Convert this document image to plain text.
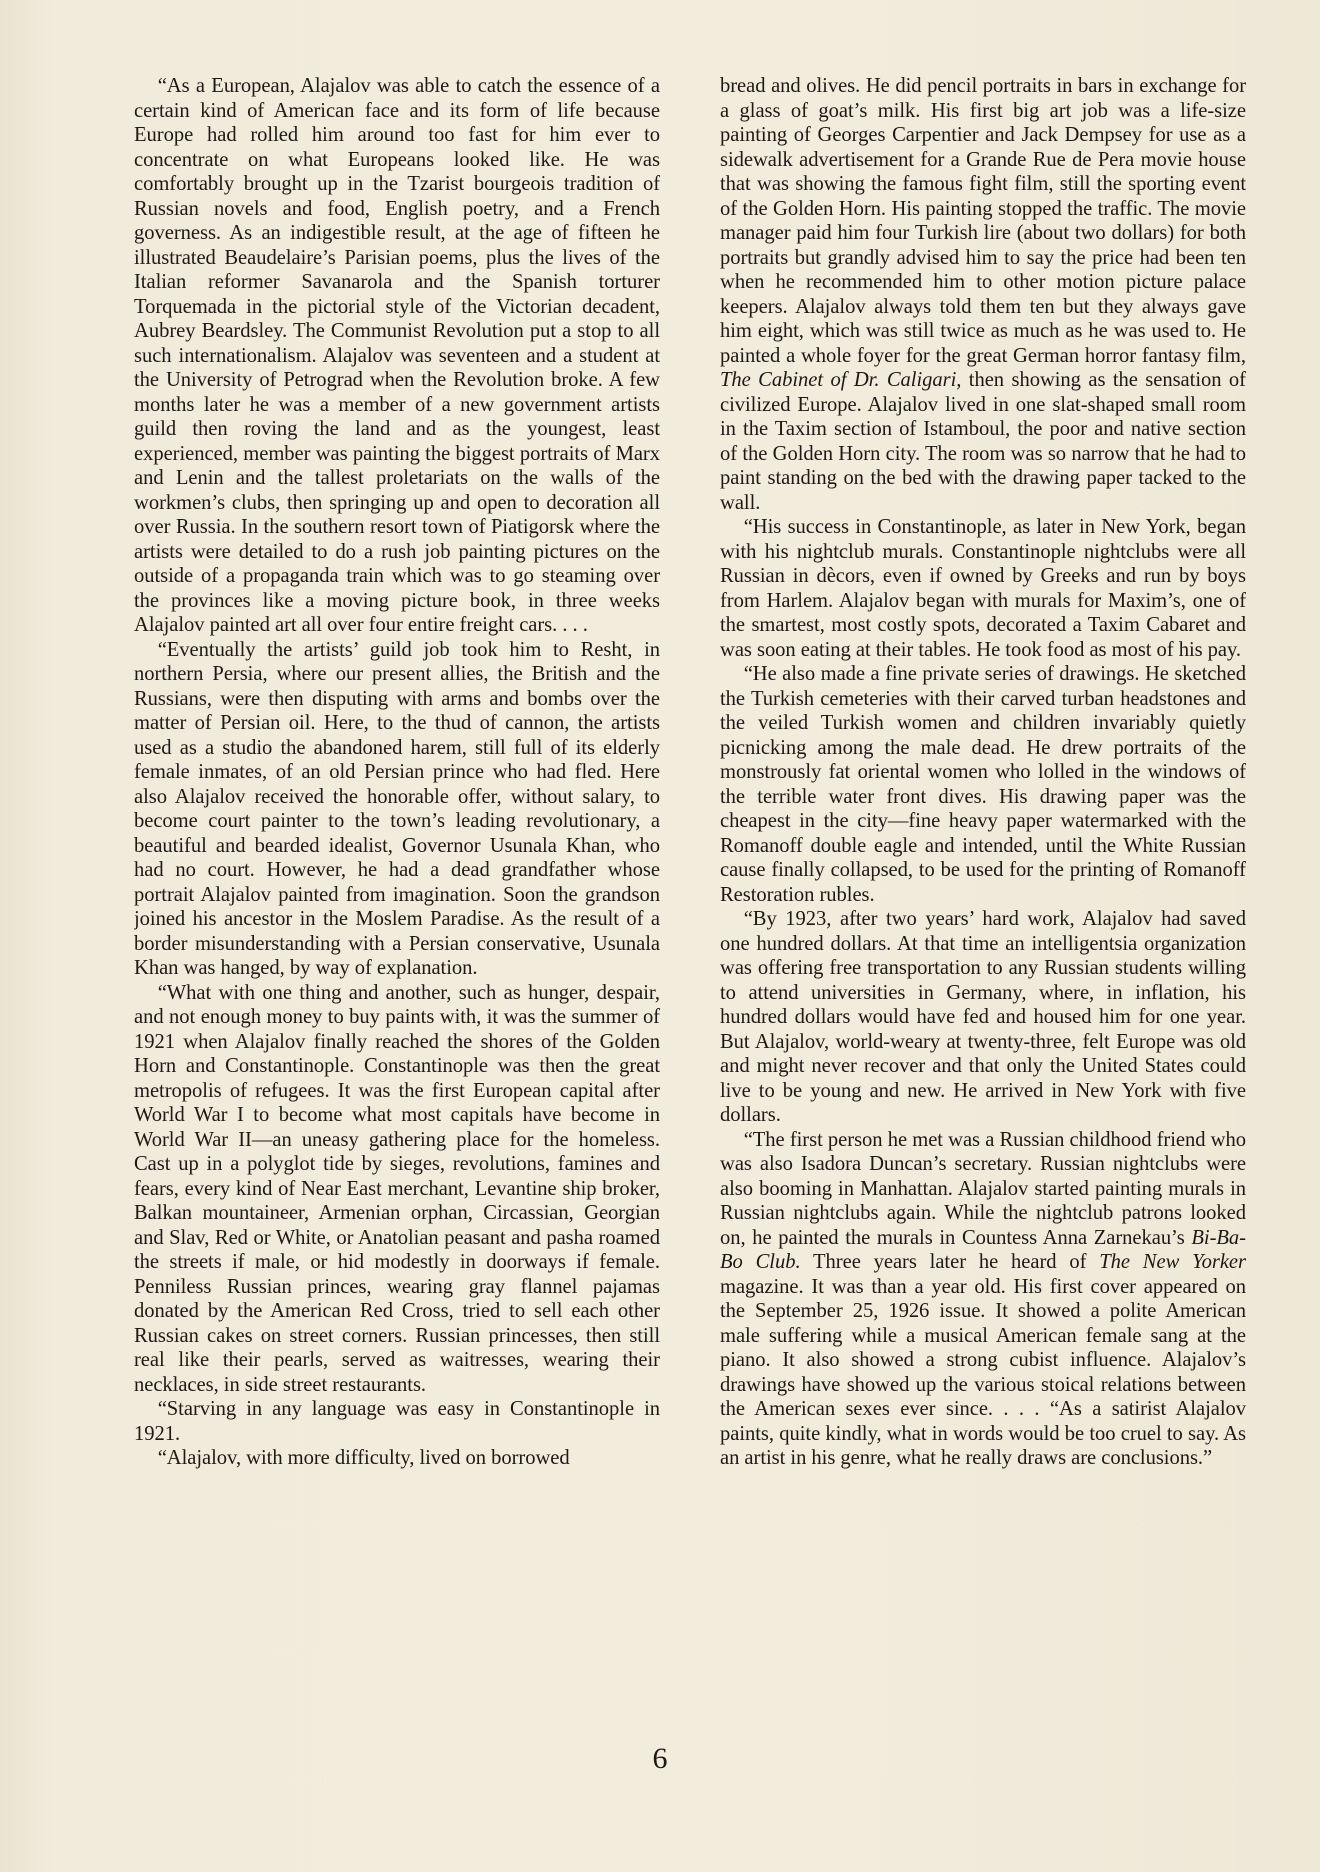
“As a European, Alajalov was able to catch the essence of a certain kind of American face and its form of life because Europe had rolled him around too fast for him ever to concentrate on what Europeans looked like. He was comfortably brought up in the Tzarist bourgeois tradition of Russian novels and food, English poetry, and a French governess. As an indigestible result, at the age of fifteen he illustrated Beaudelaire’s Parisian poems, plus the lives of the Italian reformer Savanarola and the Spanish torturer Torquemada in the pictorial style of the Victorian decadent, Aubrey Beardsley. The Communist Revolution put a stop to all such internationalism. Alajalov was seventeen and a student at the University of Petrograd when the Revolution broke. A few months later he was a member of a new government artists guild then roving the land and as the youngest, least experienced, member was painting the biggest portraits of Marx and Lenin and the tallest proletariats on the walls of the workmen’s clubs, then springing up and open to decoration all over Russia. In the southern resort town of Piatigorsk where the artists were detailed to do a rush job painting pictures on the outside of a propaganda train which was to go steaming over the provinces like a moving picture book, in three weeks Alajalov painted art all over four entire freight cars. . . .

“Eventually the artists’ guild job took him to Resht, in northern Persia, where our present allies, the British and the Russians, were then disputing with arms and bombs over the matter of Persian oil. Here, to the thud of cannon, the artists used as a studio the abandoned harem, still full of its elderly female inmates, of an old Persian prince who had fled. Here also Alajalov received the honorable offer, without salary, to become court painter to the town’s leading revolutionary, a beautiful and bearded idealist, Governor Usunala Khan, who had no court. However, he had a dead grandfather whose portrait Alajalov painted from imagination. Soon the grandson joined his ancestor in the Moslem Paradise. As the result of a border misunderstanding with a Persian conservative, Usunala Khan was hanged, by way of explanation.

“What with one thing and another, such as hunger, despair, and not enough money to buy paints with, it was the summer of 1921 when Alajalov finally reached the shores of the Golden Horn and Constantinople. Constantinople was then the great metropolis of refugees. It was the first European capital after World War I to become what most capitals have become in World War II—an uneasy gathering place for the homeless. Cast up in a polyglot tide by sieges, revolutions, famines and fears, every kind of Near East merchant, Levantine ship broker, Balkan mountaineer, Armenian orphan, Circassian, Georgian and Slav, Red or White, or Anatolian peasant and pasha roamed the streets if male, or hid modestly in doorways if female. Penniless Russian princes, wearing gray flannel pajamas donated by the American Red Cross, tried to sell each other Russian cakes on street corners. Russian princesses, then still real like their pearls, served as waitresses, wearing their necklaces, in side street restaurants.

“Starving in any language was easy in Constantinople in 1921.

“Alajalov, with more difficulty, lived on borrowed

bread and olives. He did pencil portraits in bars in exchange for a glass of goat’s milk. His first big art job was a life-size painting of Georges Carpentier and Jack Dempsey for use as a sidewalk advertisement for a Grande Rue de Pera movie house that was showing the famous fight film, still the sporting event of the Golden Horn. His painting stopped the traffic. The movie manager paid him four Turkish lire (about two dollars) for both portraits but grandly advised him to say the price had been ten when he recommended him to other motion picture palace keepers. Alajalov always told them ten but they always gave him eight, which was still twice as much as he was used to. He painted a whole foyer for the great German horror fantasy film, The Cabinet of Dr. Caligari, then showing as the sensation of civilized Europe. Alajalov lived in one slat-shaped small room in the Taxim section of Istamboul, the poor and native section of the Golden Horn city. The room was so narrow that he had to paint standing on the bed with the drawing paper tacked to the wall.

“His success in Constantinople, as later in New York, began with his nightclub murals. Constantinople nightclubs were all Russian in dècors, even if owned by Greeks and run by boys from Harlem. Alajalov began with murals for Maxim’s, one of the smartest, most costly spots, decorated a Taxim Cabaret and was soon eating at their tables. He took food as most of his pay.

“He also made a fine private series of drawings. He sketched the Turkish cemeteries with their carved turban headstones and the veiled Turkish women and children invariably quietly picnicking among the male dead. He drew portraits of the monstrously fat oriental women who lolled in the windows of the terrible water front dives. His drawing paper was the cheapest in the city—fine heavy paper watermarked with the Romanoff double eagle and intended, until the White Russian cause finally collapsed, to be used for the printing of Romanoff Restoration rubles.

“By 1923, after two years’ hard work, Alajalov had saved one hundred dollars. At that time an intelligentsia organization was offering free transportation to any Russian students willing to attend universities in Germany, where, in inflation, his hundred dollars would have fed and housed him for one year. But Alajalov, world-weary at twenty-three, felt Europe was old and might never recover and that only the United States could live to be young and new. He arrived in New York with five dollars.

“The first person he met was a Russian childhood friend who was also Isadora Duncan’s secretary. Russian nightclubs were also booming in Manhattan. Alajalov started painting murals in Russian nightclubs again. While the nightclub patrons looked on, he painted the murals in Countess Anna Zarnekau’s Bi-Ba-Bo Club. Three years later he heard of The New Yorker magazine. It was than a year old. His first cover appeared on the September 25, 1926 issue. It showed a polite American male suffering while a musical American female sang at the piano. It also showed a strong cubist influence. Alajalov’s drawings have showed up the various stoical relations between the American sexes ever since. . . . “As a satirist Alajalov paints, quite kindly, what in words would be too cruel to say. As an artist in his genre, what he really draws are conclusions.”

6
